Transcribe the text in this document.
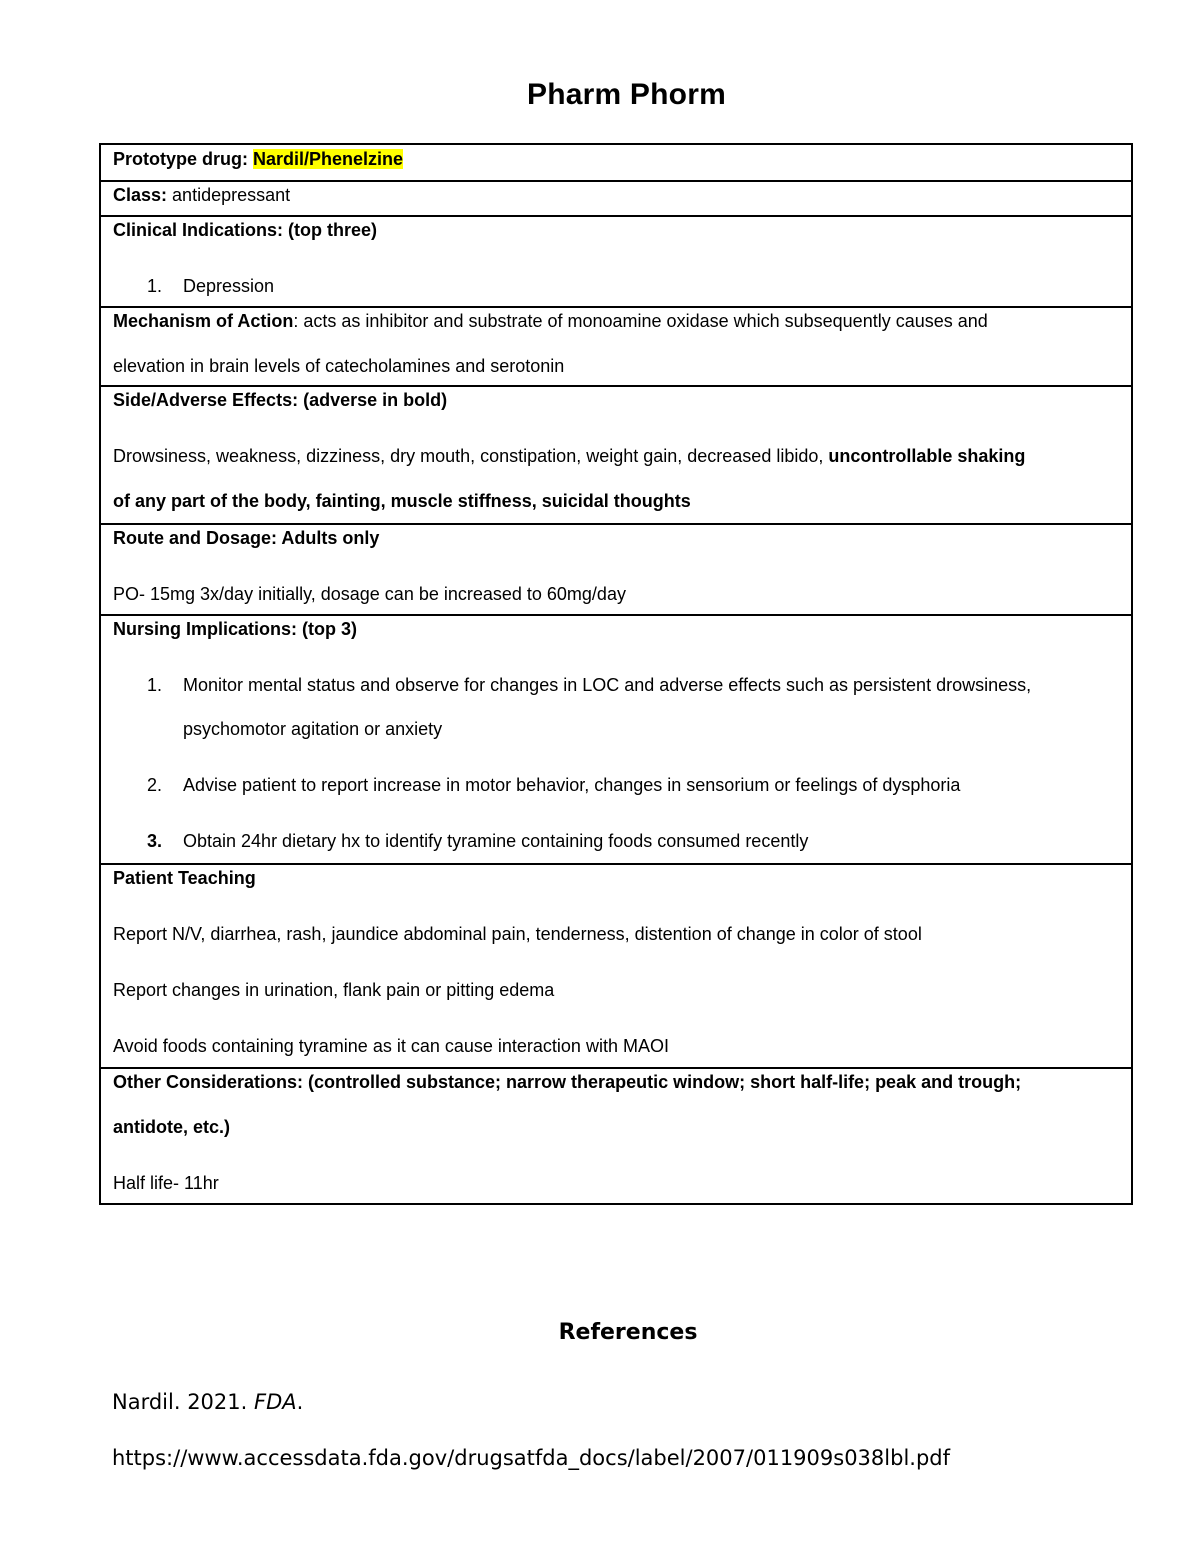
Pharm Phorm
Prototype drug: Nardil/Phenelzine
Class: antidepressant
Clinical Indications: (top three)
1. Depression
Mechanism of Action: acts as inhibitor and substrate of monoamine oxidase which subsequently causes and
elevation in brain levels of catecholamines and serotonin
Side/Adverse Effects: (adverse in bold)
Drowsiness, weakness, dizziness, dry mouth, constipation, weight gain, decreased libido, uncontrollable shaking
of any part of the body, fainting, muscle stiffness, suicidal thoughts
Route and Dosage: Adults only
PO- 15mg 3x/day initially, dosage can be increased to 60mg/day
Nursing Implications: (top 3)
1. Monitor mental status and observe for changes in LOC and adverse effects such as persistent drowsiness,
psychomotor agitation or anxiety
2. Advise patient to report increase in motor behavior, changes in sensorium or feelings of dysphoria
3. Obtain 24hr dietary hx to identify tyramine containing foods consumed recently
Patient Teaching
Report N/V, diarrhea, rash, jaundice abdominal pain, tenderness, distention of change in color of stool
Report changes in urination, flank pain or pitting edema
Avoid foods containing tyramine as it can cause interaction with MAOI
Other Considerations: (controlled substance; narrow therapeutic window; short half-life; peak and trough;
antidote, etc.)
Half life- 11hr
References
Nardil. 2021. FDA.
https://www.accessdata.fda.gov/drugsatfda_docs/label/2007/011909s038lbl.pdf
